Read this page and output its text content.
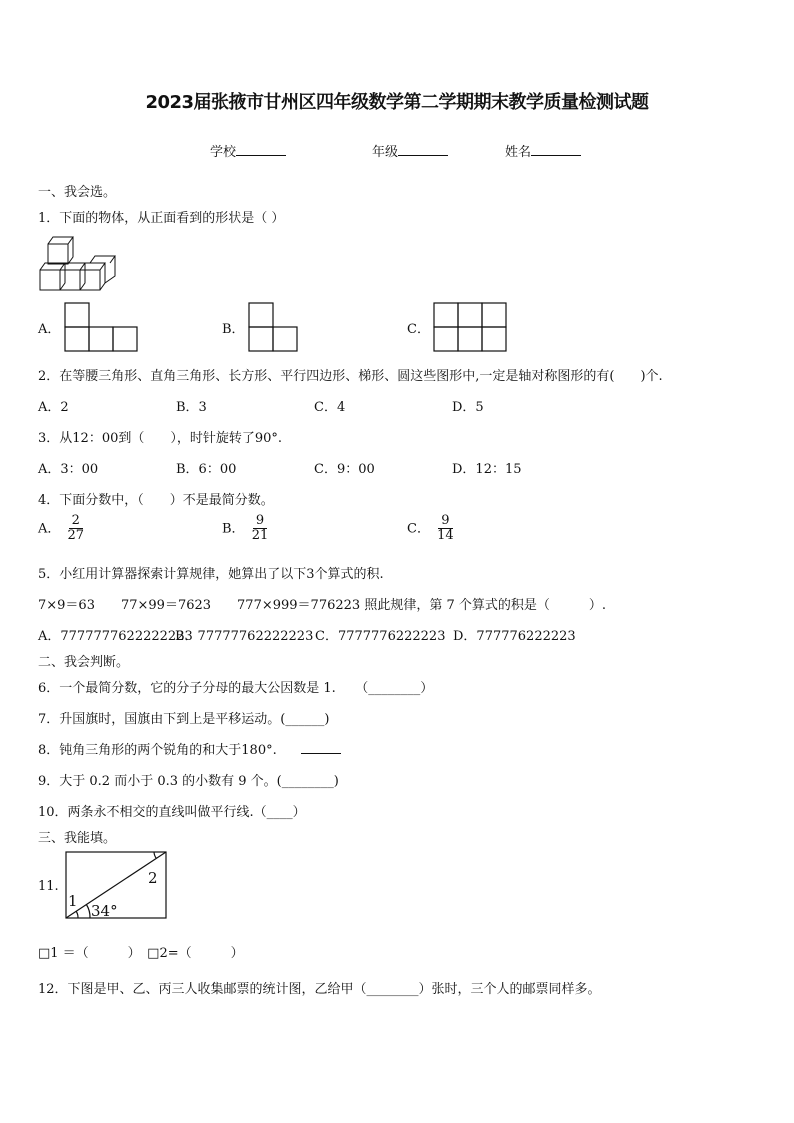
2023届张掖市甘州区四年级数学第二学期期末教学质量检测试题
学校	年级	姓名
一、我会选。
1．下面的物体，从正面看到的形状是（ ）
A．	B．	C．
2．在等腰三角形、直角三角形、长方形、平行四边形、梯形、圆这些图形中,一定是轴对称图形的有(　　)个.
A．2	B．3	C．4	D．5
3．从12：00到（　　），时针旋转了90°.
A．3：00	B．6：00	C．9：00	D．12：15
4．下面分数中，（　　）不是最简分数。
A． $\frac{2}{27}$	B． $\frac{9}{21}$	C． $\frac{9}{14}$
5．小红用计算器探索计算规律，她算出了以下3个算式的积.
7×9＝63　　77×99＝7623　　777×999＝776223 照此规律，第 7 个算式的积是（　　　）.
A．7777777622222223
B．77777762222223 C．7777776222223 D．777776222223
二、我会判断。
6．一个最简分数，它的分子分母的最大公因数是 1.　　（________）
7．升国旗时，国旗由下到上是平移运动。(______)
8．钝角三角形的两个锐角的和大于180°.
9．大于 0.2 而小于 0.3 的小数有 9 个。(________)
10．两条永不相交的直线叫做平行线.（____）
三、我能填。
11.
1
2
34°
□1 ＝（　　　）　□2=（　　　）
12．下图是甲、乙、丙三人收集邮票的统计图，乙给甲（________）张时，三个人的邮票同样多。
